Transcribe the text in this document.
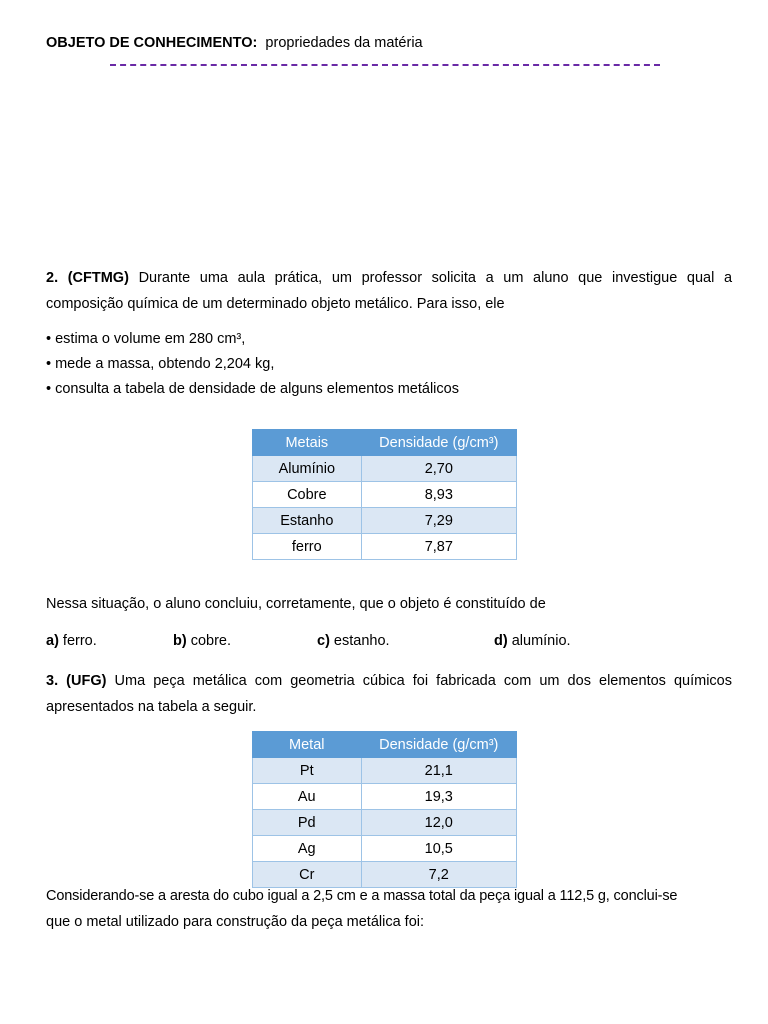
OBJETO DE CONHECIMENTO: propriedades da matéria
2. (CFTMG) Durante uma aula prática, um professor solicita a um aluno que investigue qual a
composição química de um determinado objeto metálico. Para isso, ele
• estima o volume em 280 cm³,
• mede a massa, obtendo 2,204 kg,
• consulta a tabela de densidade de alguns elementos metálicos
Metais	Densidade (g/cm³)
Alumínio	2,70
Cobre	8,93
Estanho	7,29
ferro	7,87
Nessa situação, o aluno concluiu, corretamente, que o objeto é constituído de
a) ferro.	b) cobre.	c) estanho.	d) alumínio.
3. (UFG) Uma peça metálica com geometria cúbica foi fabricada com um dos elementos químicos
apresentados na tabela a seguir.
Metal	Densidade (g/cm³)
Pt	21,1
Au	19,3
Pd	12,0
Ag	10,5
Cr	7,2
Considerando-se a aresta do cubo igual a 2,5 cm e a massa total da peça igual a 112,5 g, conclui-se
que o metal utilizado para construção da peça metálica foi:
